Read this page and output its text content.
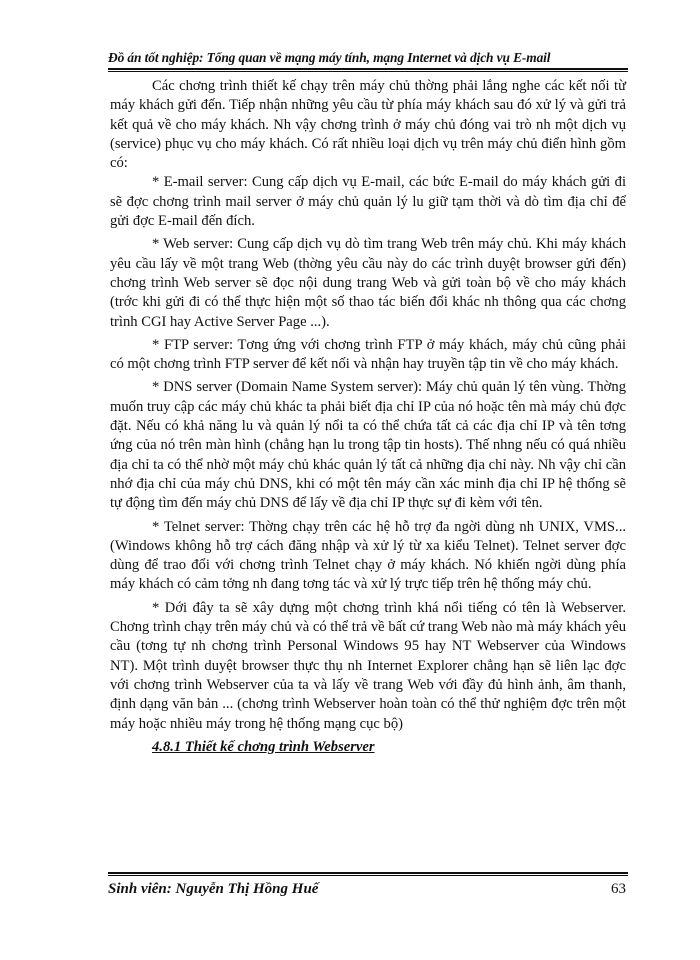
Đồ án tốt nghiệp: Tổng quan về mạng máy tính, mạng Internet và dịch vụ E-mail

Các chơng trình thiết kế chạy trên máy chủ thờng phải lắng nghe các kết nối từ máy khách gửi đến. Tiếp nhận những yêu cầu từ phía máy khách sau đó xử lý và gửi trả kết quả về cho máy khách. Nh vậy chơng trình ở máy chủ đóng vai trò nh một dịch vụ (service) phục vụ cho máy khách. Có rất nhiều loại dịch vụ trên máy chủ điển hình gồm có:

* E-mail server: Cung cấp dịch vụ E-mail, các bức E-mail do máy khách gửi đi sẽ đợc chơng trình mail server ở máy chủ quản lý lu giữ tạm thời và dò tìm địa chỉ để gửi đợc E-mail đến đích.

* Web server: Cung cấp dịch vụ dò tìm trang Web trên máy chủ. Khi máy khách yêu cầu lấy về một trang Web (thờng yêu cầu này do các trình duyệt browser gửi đến) chơng trình Web server sẽ đọc nội dung trang Web và gửi toàn bộ về cho máy khách (trớc khi gửi đi có thể thực hiện một số thao tác biến đổi khác nh thông qua các chơng trình CGI hay Active Server Page ...).

* FTP server: Tơng ứng với chơng trình FTP ở máy khách, máy chủ cũng phải có một chơng trình FTP server để kết nối và nhận hay truyền tập tin về cho máy khách.

* DNS server (Domain Name System server): Máy chủ quản lý tên vùng. Thờng muốn truy cập các máy chủ khác ta phải biết địa chỉ IP của nó hoặc tên mà máy chủ đợc đặt. Nếu có khả năng lu và quản lý nổi ta có thể chứa tất cả các địa chỉ IP và tên tơng ứng của nó trên màn hình (chẳng hạn lu trong tập tin hosts). Thế nhng nếu có quá nhiều địa chỉ ta có thể nhờ một máy chủ khác quản lý tất cả những địa chỉ này. Nh vậy chỉ cần nhớ địa chỉ của máy chủ DNS, khi có một tên máy cần xác minh địa chỉ IP hệ thống sẽ tự động tìm đến máy chủ DNS để lấy về địa chỉ IP thực sự đi kèm với tên.

* Telnet server: Thờng chạy trên các hệ hỗ trợ đa ngời dùng nh UNIX, VMS... (Windows không hỗ trợ cách đăng nhập và xử lý từ xa kiểu Telnet). Telnet server đợc dùng để trao đổi với chơng trình Telnet chạy ở máy khách. Nó khiến ngời dùng phía máy khách có cảm tởng nh đang tơng tác và xử lý trực tiếp trên hệ thống máy chủ.

* Dới đây ta sẽ xây dựng một chơng trình khá nổi tiếng có tên là Webserver. Chơng trình chạy trên máy chủ và có thể trả về bất cứ trang Web nào mà máy khách yêu cầu (tơng tự nh chơng trình Personal Windows 95 hay NT Webserver của Windows NT). Một trình duyệt browser thực thụ nh Internet Explorer chẳng hạn sẽ liên lạc đợc với chơng trình Webserver của ta và lấy về trang Web với đầy đủ hình ảnh, âm thanh, định dạng văn bản ... (chơng trình Webserver hoàn toàn có thể thử nghiệm đợc trên một máy hoặc nhiều máy trong hệ thống mạng cục bộ)

4.8.1 Thiết kế chơng trình Webserver
Sinh viên: Nguyễn Thị Hồng Huế	63
